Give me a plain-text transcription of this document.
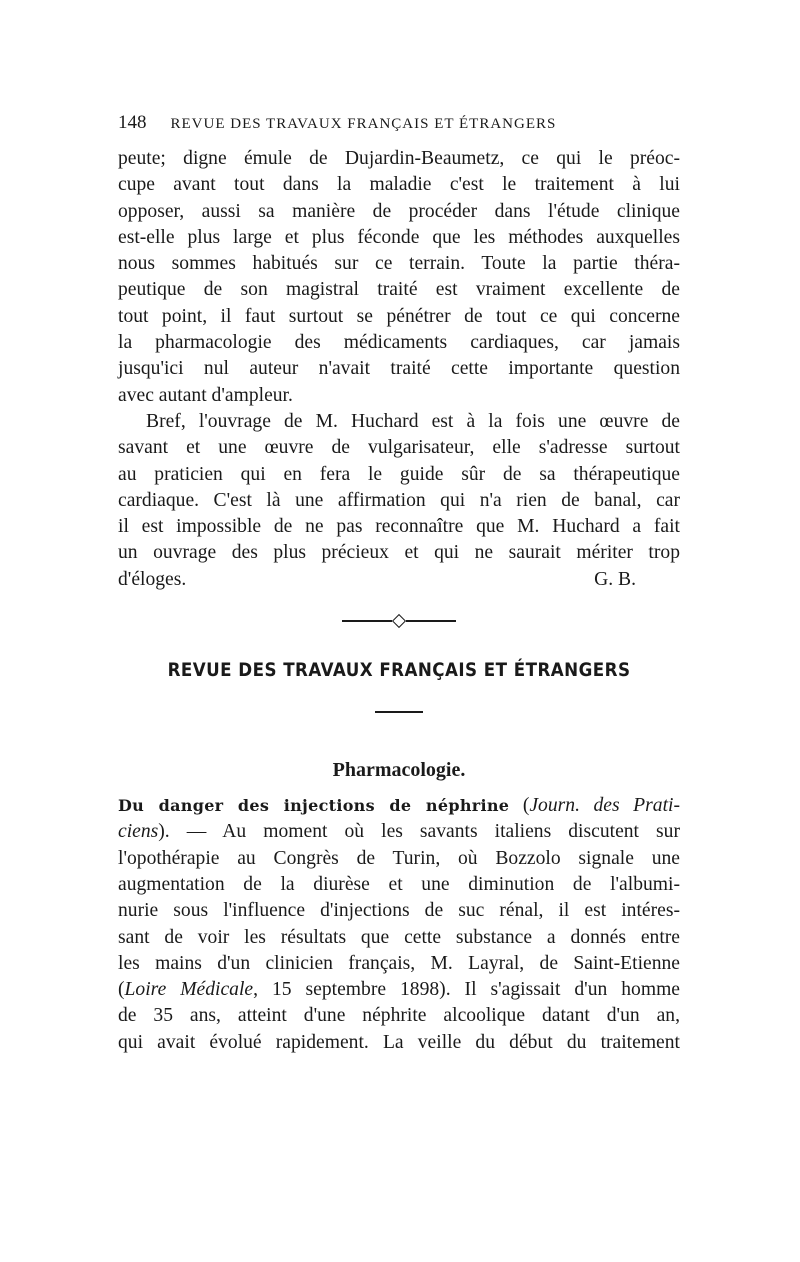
148 REVUE DES TRAVAUX FRANÇAIS ET ÉTRANGERS

peute; digne émule de Dujardin-Beaumetz, ce qui le préoc-
cupe avant tout dans la maladie c'est le traitement à lui
opposer, aussi sa manière de procéder dans l'étude clinique
est-elle plus large et plus féconde que les méthodes auxquelles
nous sommes habitués sur ce terrain. Toute la partie théra-
peutique de son magistral traité est vraiment excellente de
tout point, il faut surtout se pénétrer de tout ce qui concerne
la pharmacologie des médicaments cardiaques, car jamais
jusqu'ici nul auteur n'avait traité cette importante question
avec autant d'ampleur.

Bref, l'ouvrage de M. Huchard est à la fois une œuvre de
savant et une œuvre de vulgarisateur, elle s'adresse surtout
au praticien qui en fera le guide sûr de sa thérapeutique
cardiaque. C'est là une affirmation qui n'a rien de banal, car
il est impossible de ne pas reconnaître que M. Huchard a fait
un ouvrage des plus précieux et qui ne saurait mériter trop
d'éloges.	G. B.

REVUE DES TRAVAUX FRANÇAIS ET ÉTRANGERS
Pharmacologie.

Du danger des injections de néphrine (Journ. des Prati-
ciens). — Au moment où les savants italiens discutent sur
l'opothérapie au Congrès de Turin, où Bozzolo signale une
augmentation de la diurèse et une diminution de l'albumi-
nurie sous l'influence d'injections de suc rénal, il est intéres-
sant de voir les résultats que cette substance a donnés entre
les mains d'un clinicien français, M. Layral, de Saint-Etienne
(Loire Médicale, 15 septembre 1898). Il s'agissait d'un homme
de 35 ans, atteint d'une néphrite alcoolique datant d'un an,
qui avait évolué rapidement. La veille du début du traitement
